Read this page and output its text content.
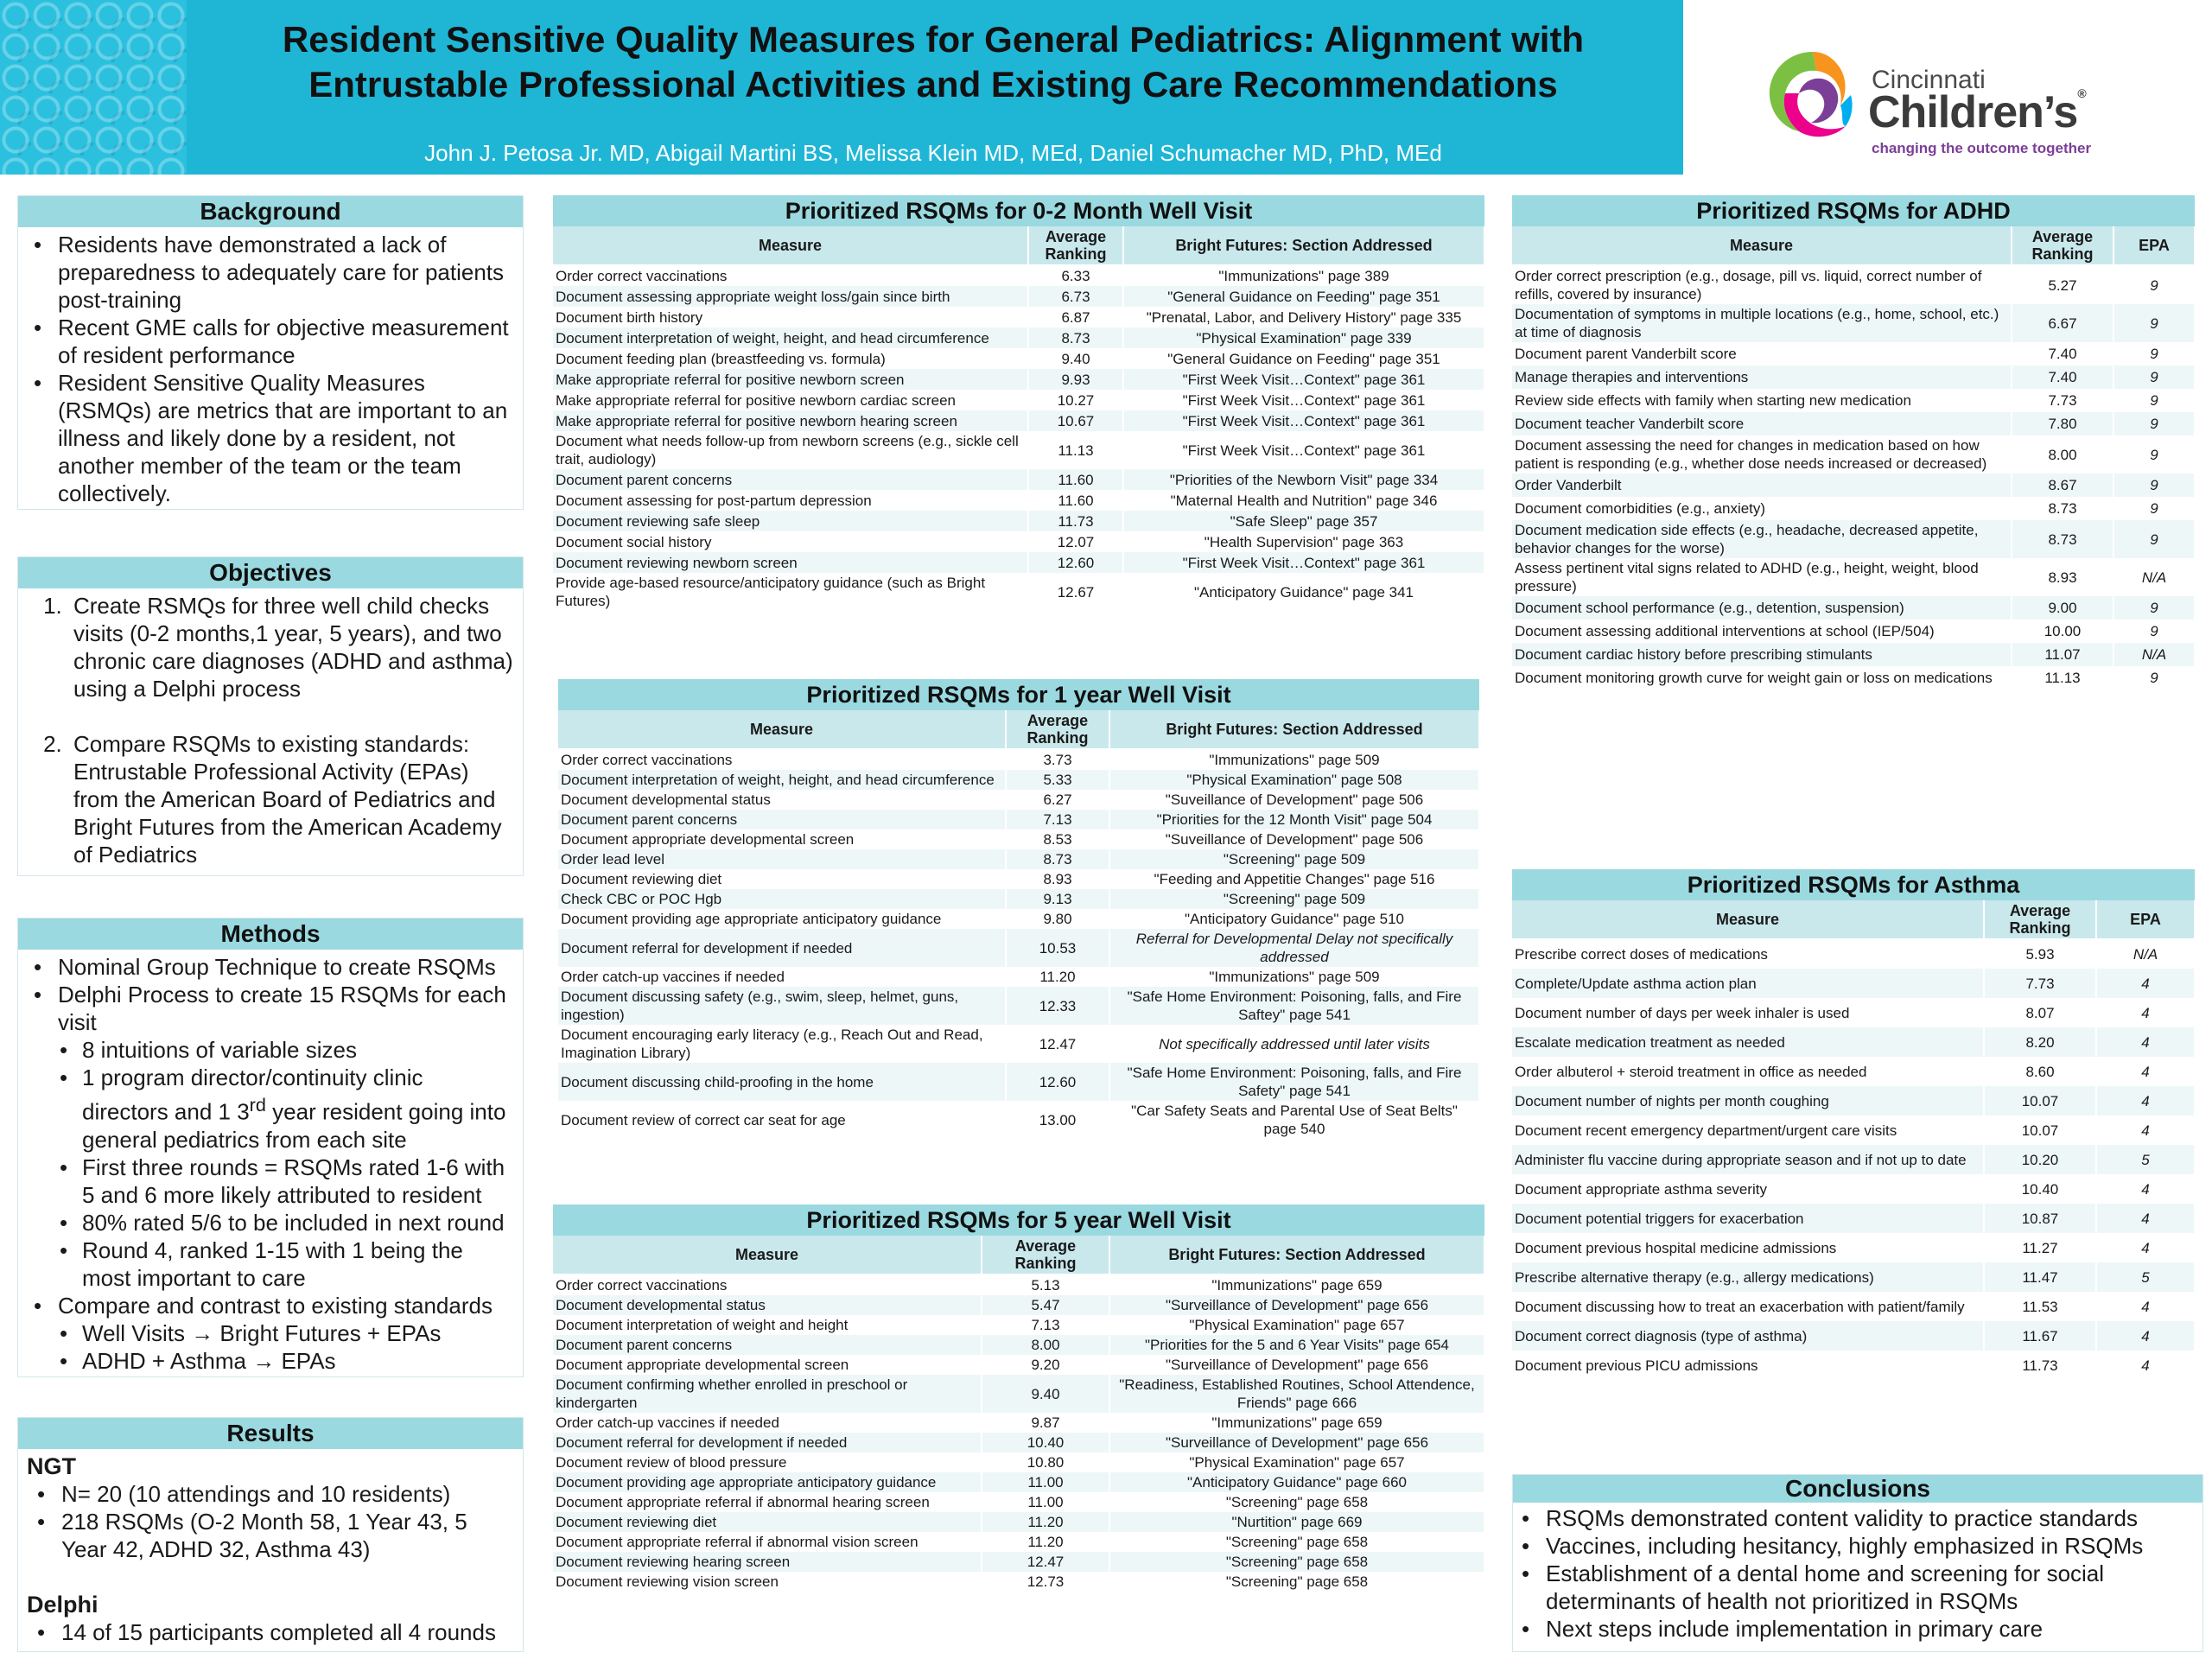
Resident Sensitive Quality Measures for General Pediatrics: Alignment with
Entrustable Professional Activities and Existing Care Recommendations
John J. Petosa Jr. MD, Abigail Martini BS, Melissa Klein MD, MEd, Daniel Schumacher MD, PhD, MEd
Cincinnati
Children’s®
changing the outcome together
Background
• Residents have demonstrated a lack of preparedness to adequately care for patients post-training
• Recent GME calls for objective measurement of resident performance
• Resident Sensitive Quality Measures (RSMQs) are metrics that are important to an illness and likely done by a resident, not another member of the team or the team collectively.
Objectives
1. Create RSMQs for three well child checks visits (0-2 months,1 year, 5 years), and two chronic care diagnoses (ADHD and asthma) using a Delphi process
2. Compare RSQMs to existing standards: Entrustable Professional Activity (EPAs) from the American Board of Pediatrics and Bright Futures from the American Academy of Pediatrics
Methods
• Nominal Group Technique to create RSQMs
• Delphi Process to create 15 RSQMs for each visit
• 8 intuitions of variable sizes
• 1 program director/continuity clinic directors and 1 3rd year resident going into general pediatrics from each site
• First three rounds = RSQMs rated 1-6 with 5 and 6 more likely attributed to resident
• 80% rated 5/6 to be included in next round
• Round 4, ranked 1-15 with 1 being the most important to care
• Compare and contrast to existing standards
• Well Visits → Bright Futures + EPAs
• ADHD + Asthma → EPAs
Results
NGT
• N= 20 (10 attendings and 10 residents)
• 218 RSQMs (O-2 Month 58, 1 Year 43, 5 Year 42, ADHD 32, Asthma 43)
Delphi
• 14 of 15 participants completed all 4 rounds
Prioritized RSQMs for 0-2 Month Well Visit
Measure	Average Ranking	Bright Futures: Section Addressed
Order correct vaccinations	6.33	"Immunizations" page 389
Document assessing appropriate weight loss/gain since birth	6.73	"General Guidance on Feeding" page 351
Document birth history	6.87	"Prenatal, Labor, and Delivery History" page 335
Document interpretation of weight, height, and head circumference	8.73	"Physical Examination" page 339
Document feeding plan (breastfeeding vs. formula)	9.40	"General Guidance on Feeding" page 351
Make appropriate referral for positive newborn screen	9.93	"First Week Visit…Context" page 361
Make appropriate referral for positive newborn cardiac screen	10.27	"First Week Visit…Context" page 361
Make appropriate referral for positive newborn hearing screen	10.67	"First Week Visit…Context" page 361
Document what needs follow-up from newborn screens (e.g., sickle cell trait, audiology)	11.13	"First Week Visit…Context" page 361
Document parent concerns	11.60	"Priorities of the Newborn Visit" page 334
Document assessing for post-partum depression	11.60	"Maternal Health and Nutrition" page 346
Document reviewing safe sleep	11.73	"Safe Sleep" page 357
Document social history	12.07	"Health Supervision" page 363
Document reviewing newborn screen	12.60	"First Week Visit…Context" page 361
Provide age-based resource/anticipatory guidance (such as Bright Futures)	12.67	"Anticipatory Guidance" page 341
Prioritized RSQMs for 1 year Well Visit
Measure	Average Ranking	Bright Futures: Section Addressed
Order correct vaccinations	3.73	"Immunizations" page 509
Document interpretation of weight, height, and head circumference	5.33	"Physical Examination" page 508
Document developmental status	6.27	"Suveillance of Development" page 506
Document parent concerns	7.13	"Priorities for the 12 Month Visit" page 504
Document appropriate developmental screen	8.53	"Suveillance of Development" page 506
Order lead level	8.73	"Screening" page 509
Document reviewing diet	8.93	"Feeding and Appetitie Changes" page 516
Check CBC or POC Hgb	9.13	"Screening" page 509
Document providing age appropriate anticipatory guidance	9.80	"Anticipatory Guidance" page 510
Document referral for development if needed	10.53	Referral for Developmental Delay not specifically addressed
Order catch-up vaccines if needed	11.20	"Immunizations" page 509
Document discussing safety (e.g., swim, sleep, helmet, guns, ingestion)	12.33	"Safe Home Environment: Poisoning, falls, and Fire Saftey" page 541
Document encouraging early literacy (e.g., Reach Out and Read, Imagination Library)	12.47	Not specifically addressed until later visits
Document discussing child-proofing in the home	12.60	"Safe Home Environment: Poisoning, falls, and Fire Safety" page 541
Document review of correct car seat for age	13.00	"Car Safety Seats and Parental Use of Seat Belts" page 540
Prioritized RSQMs for 5 year Well Visit
Measure	Average Ranking	Bright Futures: Section Addressed
Order correct vaccinations	5.13	"Immunizations" page 659
Document developmental status	5.47	"Surveillance of Development" page 656
Document interpretation of weight and height	7.13	"Physical Examination" page 657
Document parent concerns	8.00	"Priorities for the 5 and 6 Year Visits" page 654
Document appropriate developmental screen	9.20	"Surveillance of Development" page 656
Document confirming whether enrolled in preschool or kindergarten	9.40	"Readiness, Established Routines, School Attendence, Friends" page 666
Order catch-up vaccines if needed	9.87	"Immunizations" page 659
Document referral for development if needed	10.40	"Surveillance of Development" page 656
Document review of blood pressure	10.80	"Physical Examination" page 657
Document providing age appropriate anticipatory guidance	11.00	"Anticipatory Guidance" page 660
Document appropriate referral if abnormal hearing screen	11.00	"Screening" page 658
Document reviewing diet	11.20	"Nurtition" page 669
Document appropriate referral if abnormal vision screen	11.20	"Screening" page 658
Document reviewing hearing screen	12.47	"Screening" page 658
Document reviewing vision screen	12.73	"Screening" page 658
Prioritized RSQMs for ADHD
Measure	Average Ranking	EPA
Order correct prescription (e.g., dosage, pill vs. liquid, correct number of refills, covered by insurance)	5.27	9
Documentation of symptoms in multiple locations (e.g., home, school, etc.) at time of diagnosis	6.67	9
Document parent Vanderbilt score	7.40	9
Manage therapies and interventions	7.40	9
Review side effects with family when starting new medication	7.73	9
Document teacher Vanderbilt score	7.80	9
Document assessing the need for changes in medication based on how patient is responding (e.g., whether dose needs increased or decreased)	8.00	9
Order Vanderbilt	8.67	9
Document comorbidities (e.g., anxiety)	8.73	9
Document medication side effects (e.g., headache, decreased appetite, behavior changes for the worse)	8.73	9
Assess pertinent vital signs related to ADHD (e.g., height, weight, blood pressure)	8.93	N/A
Document school performance (e.g., detention, suspension)	9.00	9
Document assessing additional interventions at school (IEP/504)	10.00	9
Document cardiac history before prescribing stimulants	11.07	N/A
Document monitoring growth curve for weight gain or loss on medications	11.13	9
Prioritized RSQMs for Asthma
Measure	Average Ranking	EPA
Prescribe correct doses of medications	5.93	N/A
Complete/Update asthma action plan	7.73	4
Document number of days per week inhaler is used	8.07	4
Escalate medication treatment as needed	8.20	4
Order albuterol + steroid treatment in office as needed	8.60	4
Document number of nights per month coughing	10.07	4
Document recent emergency department/urgent care visits	10.07	4
Administer flu vaccine during appropriate season and if not up to date	10.20	5
Document appropriate asthma severity	10.40	4
Document potential triggers for exacerbation	10.87	4
Document previous hospital medicine admissions	11.27	4
Prescribe alternative therapy (e.g., allergy medications)	11.47	5
Document discussing how to treat an exacerbation with patient/family	11.53	4
Document correct diagnosis (type of asthma)	11.67	4
Document previous PICU admissions	11.73	4
Conclusions
• RSQMs demonstrated content validity to practice standards
• Vaccines, including hesitancy, highly emphasized in RSQMs
• Establishment of a dental home and screening for social determinants of health not prioritized in RSQMs
• Next steps include implementation in primary care
